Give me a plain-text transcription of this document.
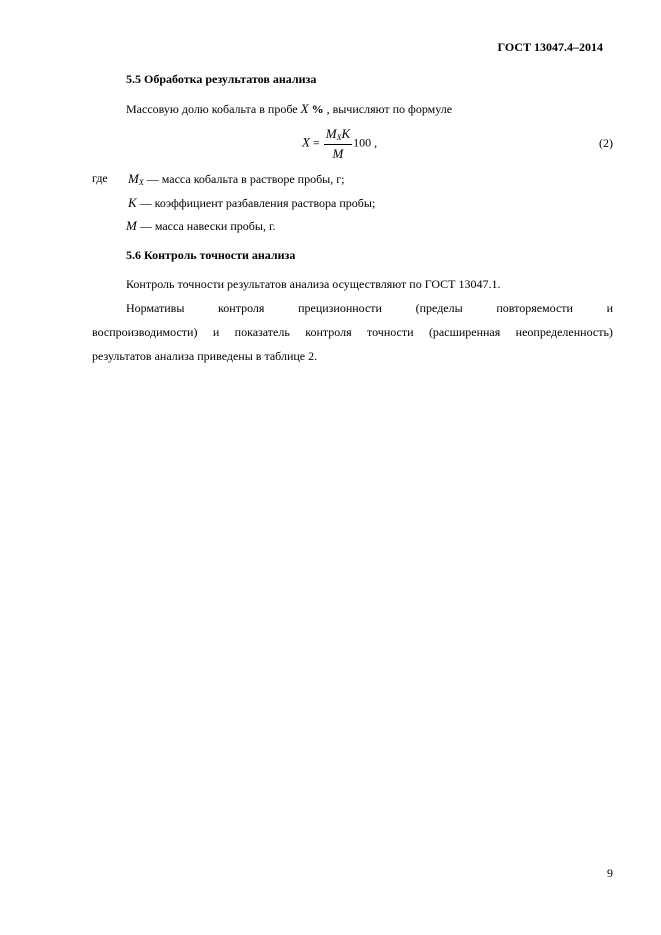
ГОСТ 13047.4–2014
5.5 Обработка результатов анализа
Массовую долю кобальта в пробе X % , вычисляют по формуле
$X = \frac{M_XK}{M} 100$ ,	(2)
где $M_X$ — масса кобальта в растворе пробы, г;
K — коэффициент разбавления раствора пробы;
M — масса навески пробы, г.
5.6 Контроль точности анализа
Контроль точности результатов анализа осуществляют по ГОСТ 13047.1.
Нормативы	контроля	прецизионности	(пределы	повторяемости	и
воспроизводимости) и показатель контроля точности (расширенная неопределенность)
результатов анализа приведены в таблице 2.
9
